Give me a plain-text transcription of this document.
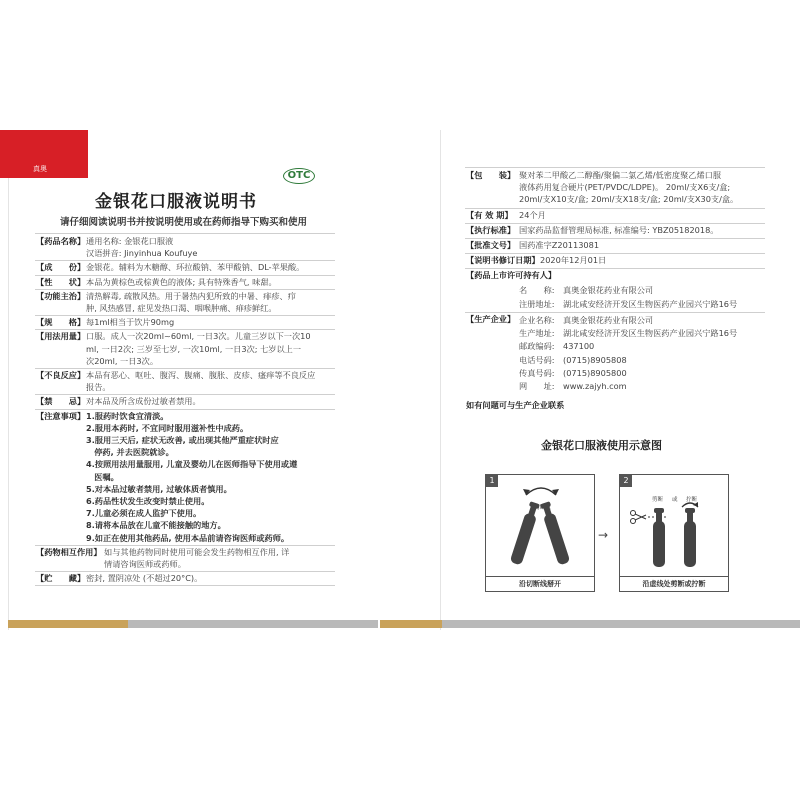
真奥
OTC
金银花口服液说明书
请仔细阅读说明书并按说明使用或在药师指导下购买和使用
金银花口服液使用示意图
1
沿切断线掰开
→
2
剪断 或 拧断
沿虚线处剪断或拧断
【药品名称】 通用名称: 金银花口服液
汉语拼音: Jinyinhua Koufuye
【成　　份】 金银花。辅料为木糖醇、环拉酸钠、苯甲酸钠、DL-苹果酸。
【性　　状】 本品为黄棕色或棕黄色的液体; 具有特殊香气, 味甜。
【功能主治】 清热解毒, 疏散风热。用于暑热内犯所致的中暑、痱疹、疖
肿, 风热感冒, 症见发热口渴、咽喉肿痛、痱疹鲜红。
【规　　格】 每1ml相当于饮片90mg
【用法用量】 口服。成人一次20ml~60ml, 一日3次。儿童三岁以下一次10
ml, 一日2次; 三岁至七岁, 一次10ml, 一日3次; 七岁以上一
次20ml, 一日3次。
【不良反应】 本品有恶心、呕吐、腹泻、腹痛、腹胀、皮疹、瘙痒等不良反应
报告。
【禁　　忌】 对本品及所含成份过敏者禁用。
【注意事项】 1.服药时饮食宜清淡。
2.服用本药时, 不宜同时服用滋补性中成药。
3.服用三天后, 症状无改善, 或出现其他严重症状时应
　停药, 并去医院就诊。
4.按照用法用量服用, 儿童及婴幼儿在医师指导下使用或遵
　医嘱。
5.对本品过敏者禁用, 过敏体质者慎用。
6.药品性状发生改变时禁止使用。
7.儿童必须在成人监护下使用。
8.请将本品放在儿童不能接触的地方。
9.如正在使用其他药品, 使用本品前请咨询医师或药师。
【药物相互作用】 如与其他药物同时使用可能会发生药物相互作用, 详
情请咨询医师或药师。
【贮　　藏】 密封, 置阴凉处 (不超过20°C)。
【包　　装】 聚对苯二甲酸乙二醇酯/聚偏二氯乙烯/低密度聚乙烯口服
液体药用复合硬片(PET/PVDC/LDPE)。 20ml/支X6支/盒;
20ml/支X10支/盒; 20ml/支X18支/盒; 20ml/支X30支/盒。
【有 效 期】 24个月
【执行标准】 国家药品监督管理局标准, 标准编号: YBZ05182018。
【批准文号】 国药准字Z20113081
【说明书修订日期】 2020年12月01日
【药品上市许可持有人】
名　　称: 真奥金银花药业有限公司
注册地址: 湖北咸安经济开发区生物医药产业园兴宁路16号
【生产企业】 企业名称: 真奥金银花药业有限公司
生产地址: 湖北咸安经济开发区生物医药产业园兴宁路16号
邮政编码: 437100
电话号码: (0715)8905808
传真号码: (0715)8905800
网　　址: www.zajyh.com
如有问题可与生产企业联系
